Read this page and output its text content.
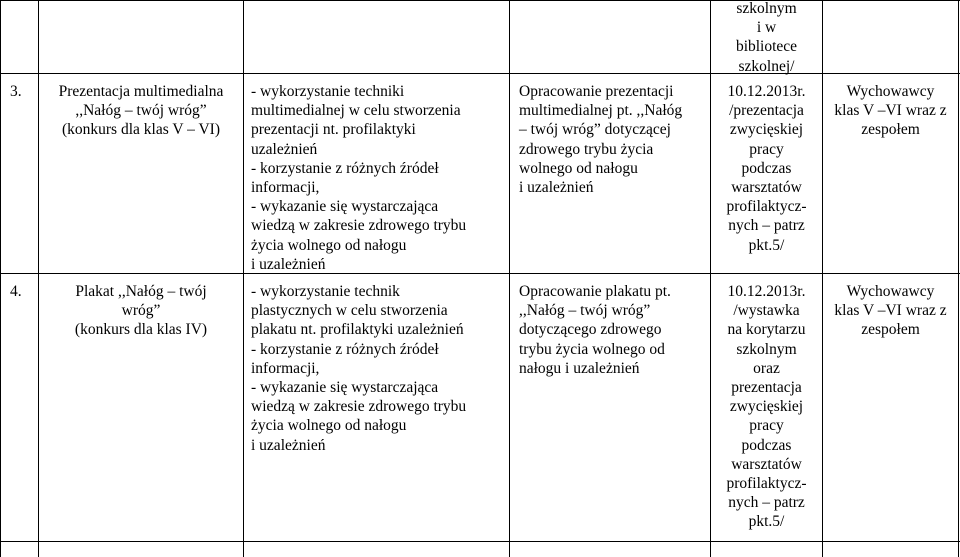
szkolnym
i w
bibliotece
szkolnej/
3.	Prezentacja multimedialna
,,Nałóg – twój wróg”
(konkurs dla klas V – VI)
- wykorzystanie techniki
multimedialnej w celu stworzenia
prezentacji nt. profilaktyki
uzależnień
- korzystanie z różnych źródeł
informacji,
- wykazanie się wystarczająca
wiedzą w zakresie zdrowego trybu
życia wolnego od nałogu
i uzależnień
Opracowanie prezentacji
multimedialnej pt. ,,Nałóg
– twój wróg” dotyczącej
zdrowego trybu życia
wolnego od nałogu
i uzależnień
10.12.2013r.
/prezentacja
zwycięskiej
pracy
podczas
warsztatów
profilaktycz-
nych – patrz
pkt.5/
Wychowawcy
klas V –VI wraz z
zespołem
4.	Plakat ,,Nałóg – twój
wróg”
(konkurs dla klas IV)
- wykorzystanie technik
plastycznych w celu stworzenia
plakatu nt. profilaktyki uzależnień
- korzystanie z różnych źródeł
informacji,
- wykazanie się wystarczająca
wiedzą w zakresie zdrowego trybu
życia wolnego od nałogu
i uzależnień
Opracowanie plakatu pt.
,,Nałóg – twój wróg”
dotyczącego zdrowego
trybu życia wolnego od
nałogu i uzależnień
10.12.2013r.
/wystawka
na korytarzu
szkolnym
oraz
prezentacja
zwycięskiej
pracy
podczas
warsztatów
profilaktycz-
nych – patrz
pkt.5/
Wychowawcy
klas V –VI wraz z
zespołem
